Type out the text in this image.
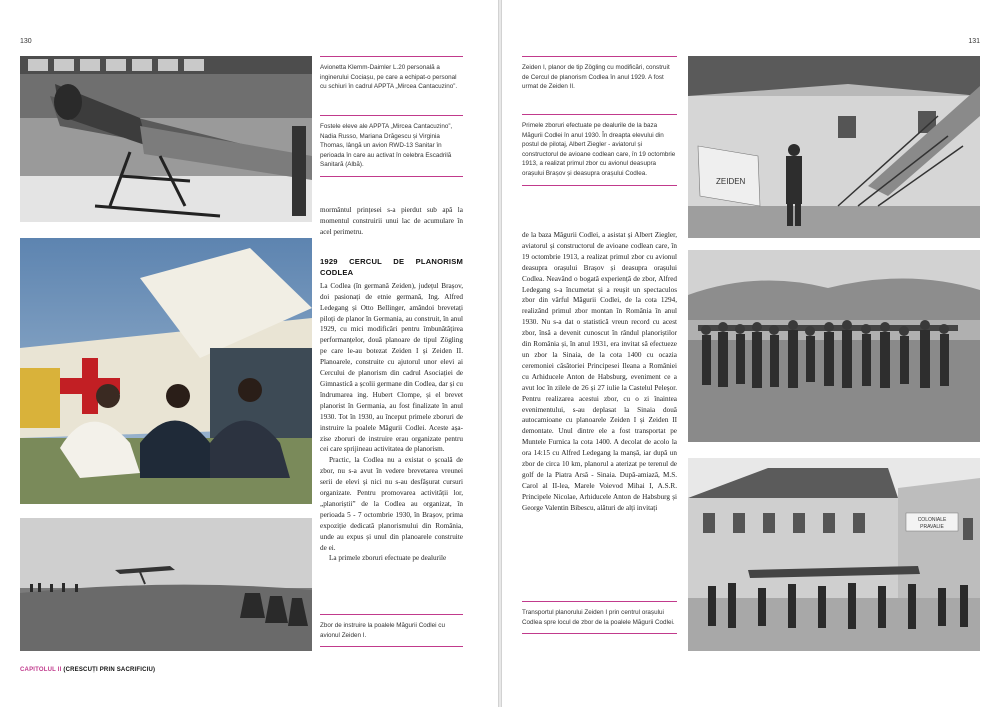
130
Avionetta Klemm-Daimler L.20 personală a inginerului Cociașu, pe care a echipat-o personal cu schiuri în cadrul APPTA „Mircea Cantacuzino”.
Fostele eleve ale APPTA „Mircea Cantacuzino”, Nadia Russo, Mariana Drăgescu și Virginia Thomas, lângă un avion RWD-13 Sanitar în perioada în care au activat în celebra Escadrilă Sanitară (Albă).

mormântul prințesei s-a pierdut sub apă la momentul construirii unui lac de acumulare în acel perimetru.

1929 CERCUL DE PLANORISM CODLEA

La Codlea (în germană Zeiden), județul Brașov, doi pasionați de etnie germană, Ing. Alfred Ledegang și Otto Bellinger, amândoi brevetați piloți de planor în Germania, au construit, în anul 1929, cu mici modificări pentru îmbunătățirea performanțelor, două planoare de tipul Zögling pe care le-au botezat Zeiden I și Zeiden II. Planoarele, construite cu ajutorul unor elevi ai Cercului de planorism din cadrul Asociației de Gimnastică a școlii germane din Codlea, dar și cu îndrumarea ing. Hubert Clompe, și el brevet planorist în Germania, au fost finalizate în anul 1930. Tot în 1930, au început primele zboruri de instruire la poalele Măgurii Codlei. Aceste așa-zise zboruri de instruire erau organizate pentru cei care sprijineau activitatea de planorism.

Practic, la Codlea nu a existat o școală de zbor, nu s-a avut în vedere brevetarea vreunei serii de elevi și nici nu s-au desfășurat cursuri organizate. Pentru promovarea activității lor, „planoriștii” de la Codlea au organizat, în perioada 5 - 7 octombrie 1930, în Brașov, prima expoziție dedicată planorismului din România, unde au expus și unul din planoarele construite de ei.

La primele zboruri efectuate pe dealurile

Zbor de instruire la poalele Măgurii Codlei cu avionul Zeiden I.
CAPITOLUL II (CRESCUȚI PRIN SACRIFICIU)
131
Zeiden I, planor de tip Zögling cu modificări, construit de Cercul de planorism Codlea în anul 1929. A fost urmat de Zeiden II.
Primele zboruri efectuate pe dealurile de la baza Măgurii Codlei în anul 1930. În dreapta elevului din postul de pilotaj, Albert Ziegler - aviatorul și constructorul de avioane codlean care, în 19 octombrie 1913, a realizat primul zbor cu avionul deasupra orașului Brașov și deasupra orașului Codlea.
ZEIDEN

de la baza Măgurii Codlei, a asistat și Albert Ziegler, aviatorul și constructorul de avioane codlean care, în 19 octombrie 1913, a realizat primul zbor cu avionul deasupra orașului Brașov și deasupra orașului Codlea. Neavând o bogată experiență de zbor, Alfred Ledegang s-a încumetat și a reușit un spectaculos zbor din vârful Măgurii Codlei, de la cota 1294, realizând primul zbor montan în România în anul 1930. Nu s-a dat o statistică vreun record cu acest zbor, însă a devenit cunoscut în rândul planoriștilor din România și, în anul 1931, era invitat să efectueze un zbor la Sinaia, de la cota 1400 cu ocazia ceremoniei căsătoriei Principesei Ileana a României cu Arhiducele Anton de Habsburg, eveniment ce a avut loc în zilele de 26 și 27 iulie la Castelul Peleșor. Pentru realizarea acestui zbor, cu o zi înaintea evenimentului, s-au deplasat la Sinaia două autocamioane cu planoarele Zeiden I și Zeiden II demontate. Unul dintre ele a fost transportat pe Muntele Furnica la cota 1400. A decolat de acolo la ora 14:15 cu Alfred Ledegang la manșă, iar după un zbor de circa 10 km, planorul a aterizat pe terenul de golf de la Piatra Arsă - Sinaia. După-amiază, M.S. Carol al II-lea, Marele Voievod Mihai I, A.S.R. Principele Nicolae, Arhiducele Anton de Habsburg și George Valentin Bibescu, alături de alți invitați

COLONIALE
PRAVALIE
Transportul planorului Zeiden I prin centrul orașului Codlea spre locul de zbor de la poalele Măgurii Codlei.
